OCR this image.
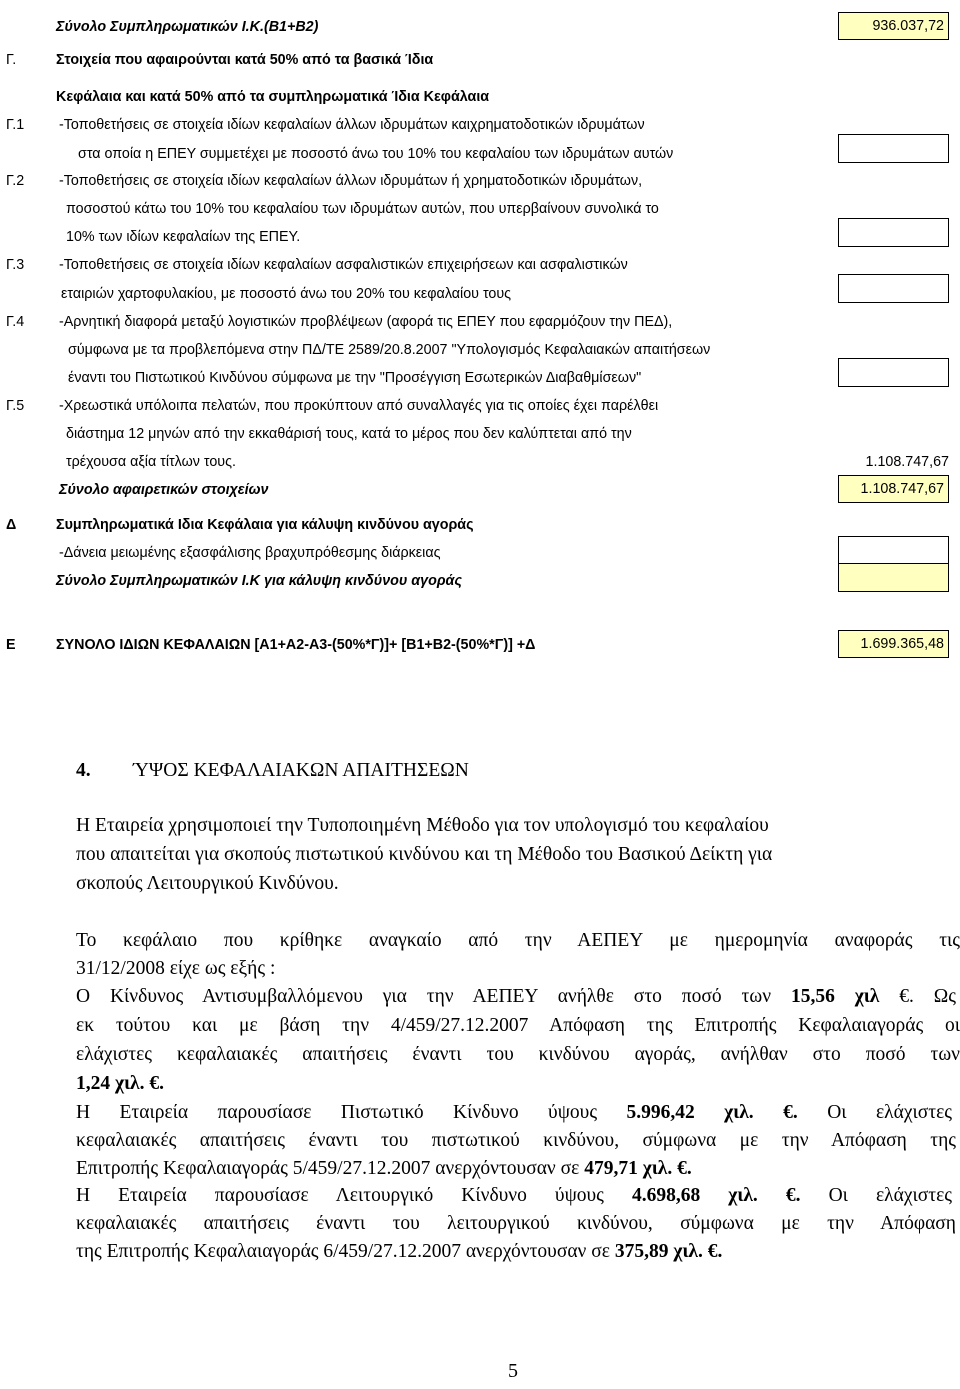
Σύνολο Συμπληρωματικών Ι.Κ.(Β1+Β2)	936.037,72
Γ.	Στοιχεία που αφαιρούνται κατά 50% από τα βασικά Ίδια
Κεφάλαια και κατά 50% από τα συμπληρωματικά Ίδια Κεφάλαια
Γ.1 -Τοποθετήσεις σε στοιχεία ιδίων κεφαλαίων άλλων ιδρυμάτων καιχρηματοδοτικών ιδρυμάτων
στα οποία η ΕΠΕΥ συμμετέχει με ποσοστό άνω του 10% του κεφαλαίου των ιδρυμάτων αυτών
Γ.2 -Τοποθετήσεις σε στοιχεία ιδίων κεφαλαίων άλλων ιδρυμάτων ή χρηματοδοτικών ιδρυμάτων,
ποσοστού κάτω του 10% του κεφαλαίου των ιδρυμάτων αυτών, που υπερβαίνουν συνολικά το
10% των ιδίων κεφαλαίων της ΕΠΕΥ.
Γ.3 -Τοποθετήσεις σε στοιχεία ιδίων κεφαλαίων ασφαλιστικών επιχειρήσεων και ασφαλιστικών
εταιριών χαρτοφυλακίου, με ποσοστό άνω του 20% του κεφαλαίου τους
Γ.4 -Αρνητική διαφορά μεταξύ λογιστικών προβλέψεων (αφορά τις ΕΠΕΥ που εφαρμόζουν την ΠΕΔ),
σύμφωνα με τα προβλεπόμενα στην ΠΔ/ΤΕ 2589/20.8.2007 "Υπολογισμός Κεφαλαιακών απαιτήσεων
έναντι του Πιστωτικού Κινδύνου σύμφωνα με την "Προσέγγιση Εσωτερικών Διαβαθμίσεων"
Γ.5 -Χρεωστικά υπόλοιπα πελατών, που προκύπτουν από συναλλαγές για τις οποίες έχει παρέλθει
διάστημα 12 μηνών από την εκκαθάρισή τους, κατά το μέρος που δεν καλύπτεται από την
τρέχουσα αξία τίτλων τους.	1.108.747,67
Σύνολο αφαιρετικών στοιχείων	1.108.747,67
Δ	Συμπληρωματικά Ιδια Κεφάλαια για κάλυψη κινδύνου αγοράς
-Δάνεια μειωμένης εξασφάλισης βραχυπρόθεσμης διάρκειας
Σύνολο Συμπληρωματικών Ι.Κ για κάλυψη κινδύνου αγοράς
Ε	ΣΥΝΟΛΟ ΙΔΙΩΝ ΚΕΦΑΛΑΙΩΝ [Α1+Α2-Α3-(50%*Γ)]+ [Β1+Β2-(50%*Γ)] +Δ	1.699.365,48
4. ΎΨΟΣ ΚΕΦΑΛΑΙΑΚΩΝ ΑΠΑΙΤΗΣΕΩΝ
Η Εταιρεία χρησιμοποιεί την Τυποποιημένη Μέθοδο για τον υπολογισμό του κεφαλαίου
που απαιτείται για σκοπούς πιστωτικού κινδύνου και τη Μέθοδο του Βασικού Δείκτη για
σκοπούς Λειτουργικού Κινδύνου.
Το κεφάλαιο που κρίθηκε αναγκαίο από την ΑΕΠΕΥ με ημερομηνία αναφοράς τις
31/12/2008 είχε ως εξής :
Ο Κίνδυνος Αντισυμβαλλόμενου για την ΑΕΠΕΥ ανήλθε στο ποσό των 15,56 χιλ €. Ως
εκ τούτου και με βάση την 4/459/27.12.2007 Απόφαση της Επιτροπής Κεφαλαιαγοράς οι
ελάχιστες κεφαλαιακές απαιτήσεις έναντι του κινδύνου αγοράς, ανήλθαν στο ποσό των
1,24 χιλ. €.
Η Εταιρεία παρουσίασε Πιστωτικό Κίνδυνο ύψους 5.996,42 χιλ. €. Οι ελάχιστες
κεφαλαιακές απαιτήσεις έναντι του πιστωτικού κινδύνου, σύμφωνα με την Απόφαση της
Επιτροπής Κεφαλαιαγοράς 5/459/27.12.2007 ανερχόντουσαν σε 479,71 χιλ. €.
Η Εταιρεία παρουσίασε Λειτουργικό Κίνδυνο ύψους 4.698,68 χιλ. €. Οι ελάχιστες
κεφαλαιακές απαιτήσεις έναντι του λειτουργικού κινδύνου, σύμφωνα με την Απόφαση
της Επιτροπής Κεφαλαιαγοράς 6/459/27.12.2007 ανερχόντουσαν σε 375,89 χιλ. €.
5
